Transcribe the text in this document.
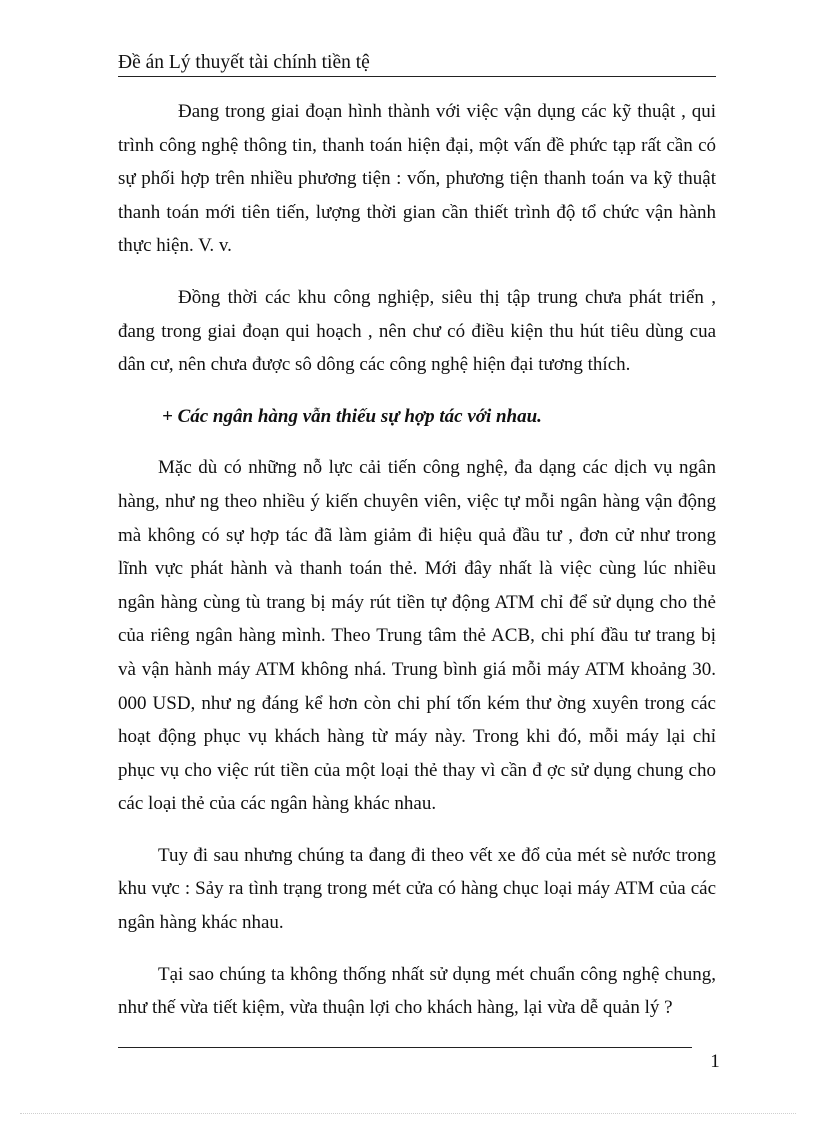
Đề án Lý thuyết tài chính tiền tệ

Đang trong giai đoạn hình thành với việc vận dụng các kỹ thuật , qui trình công nghệ thông tin, thanh toán hiện đại, một vấn đề phức tạp rất cần có sự phối hợp trên nhiều phương tiện : vốn, phương tiện thanh toán va kỹ thuật thanh toán mới tiên tiến, lượng thời gian cần thiết trình độ tổ chức vận hành thực hiện. V. v.

Đồng thời các khu công nghiệp, siêu thị tập trung chưa phát triển , đang trong giai đoạn qui hoạch , nên chư có điều kiện thu hút tiêu dùng cua dân cư, nên chưa được sô dông các công nghệ hiện đại tương thích.

+ Các ngân hàng vẫn thiếu sự hợp tác với nhau.

Mặc dù có những nỗ lực cải tiến công nghệ, đa dạng các dịch vụ ngân hàng, như ng theo nhiều ý kiến chuyên viên, việc tự mỗi ngân hàng vận động mà không có sự hợp tác đã làm giảm đi hiệu quả đầu tư , đơn cử như trong lĩnh vực phát hành và thanh toán thẻ. Mới đây nhất là việc cùng lúc nhiều ngân hàng cùng tù trang bị máy rút tiền tự động ATM chỉ để sử dụng cho thẻ của riêng ngân hàng mình. Theo Trung tâm thẻ ACB, chi phí đầu tư trang bị và vận hành máy ATM không nhá. Trung bình giá mỗi máy ATM khoảng 30. 000 USD, như ng đáng kể hơn còn chi phí tốn kém thư ờng xuyên trong các hoạt động phục vụ khách hàng từ máy này. Trong khi đó, mỗi máy lại chỉ phục vụ cho việc rút tiền của một loại thẻ thay vì cần đ ợc sử dụng chung cho các loại thẻ của các ngân hàng khác nhau.

Tuy đi sau nhưng chúng ta đang đi theo vết xe đổ của mét sè nước trong khu vực : Sảy ra tình trạng trong mét cửa có hàng chục loại máy ATM của các ngân hàng khác nhau.

Tại sao chúng ta không thống nhất sử dụng mét chuẩn công nghệ chung, như thế vừa tiết kiệm, vừa thuận lợi cho khách hàng, lại vừa dễ quản lý ?

1
